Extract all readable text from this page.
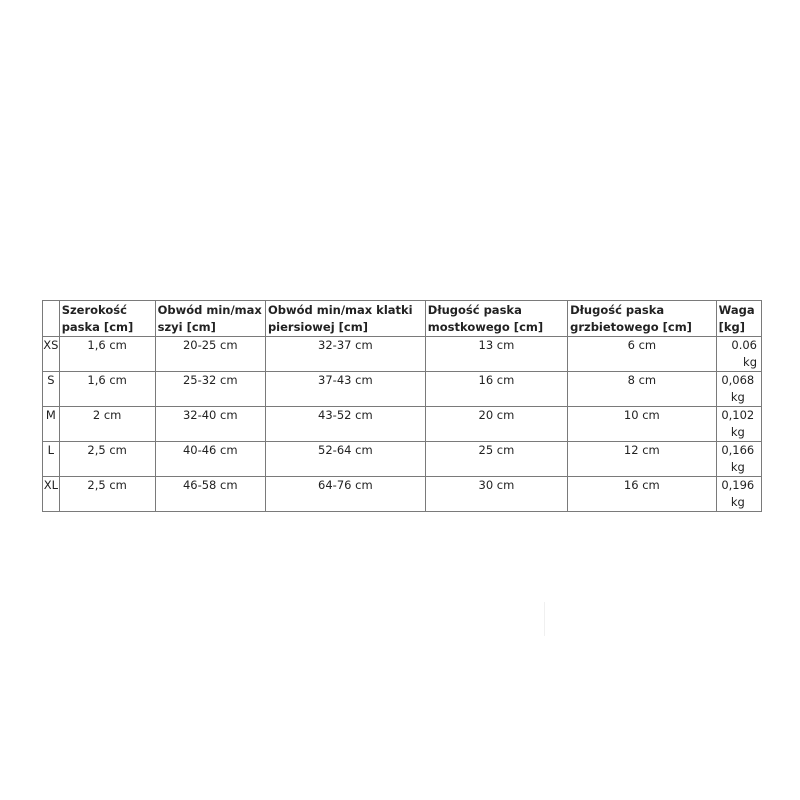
	Szerokość paska [cm]	Obwód min/max szyi [cm]	Obwód min/max klatki piersiowej [cm]	Długość paska mostkowego [cm]	Długość paska grzbietowego [cm]	Waga [kg]
XS	1,6 cm	20-25 cm	32-37 cm	13 cm	6 cm	0.06 kg
S	1,6 cm	25-32 cm	37-43 cm	16 cm	8 cm	0,068 kg
M	2 cm	32-40 cm	43-52 cm	20 cm	10 cm	0,102 kg
L	2,5 cm	40-46 cm	52-64 cm	25 cm	12 cm	0,166 kg
XL	2,5 cm	46-58 cm	64-76 cm	30 cm	16 cm	0,196 kg
